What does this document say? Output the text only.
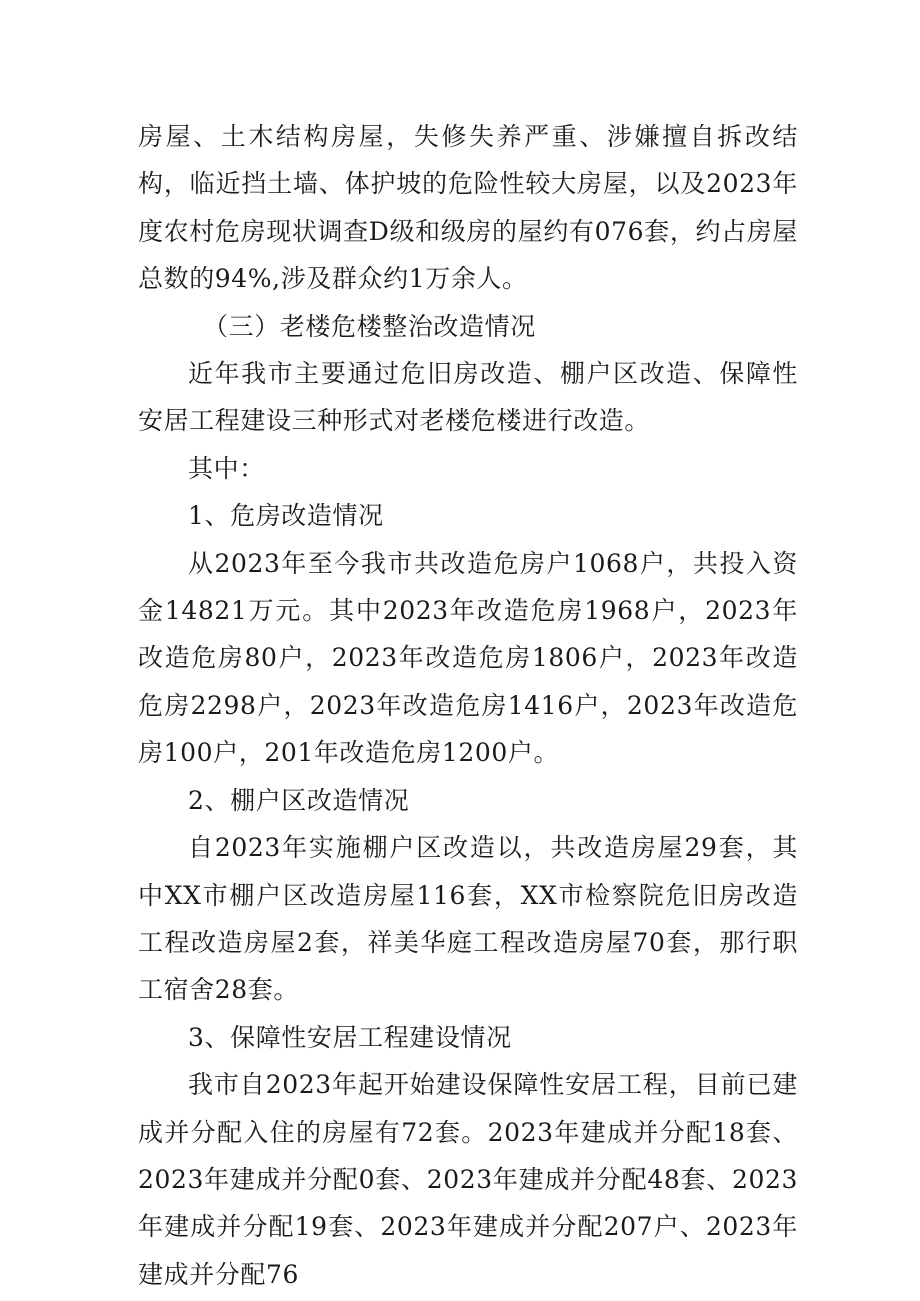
房屋、土木结构房屋，失修失养严重、涉嫌擅自拆改结构，临近挡土墙、体护坡的危险性较大房屋，以及2023年度农村危房现状调查D级和级房的屋约有076套，约占房屋总数的94%,涉及群众约1万余人。

（三）老楼危楼整治改造情况

近年我市主要通过危旧房改造、棚户区改造、保障性安居工程建设三种形式对老楼危楼进行改造。

其中：

1、危房改造情况

从2023年至今我市共改造危房户1068户，共投入资金14821万元。其中2023年改造危房1968户，2023年改造危房80户，2023年改造危房1806户，2023年改造危房2298户，2023年改造危房1416户，2023年改造危房100户，201年改造危房1200户。

2、棚户区改造情况

自2023年实施棚户区改造以，共改造房屋29套，其中XX市棚户区改造房屋116套，XX市检察院危旧房改造工程改造房屋2套，祥美华庭工程改造房屋70套，那行职工宿舍28套。

3、保障性安居工程建设情况

我市自2023年起开始建设保障性安居工程，目前已建成并分配入住的房屋有72套。2023年建成并分配18套、2023年建成并分配0套、2023年建成并分配48套、2023年建成并分配19套、2023年建成并分配207户、2023年建成并分配76
